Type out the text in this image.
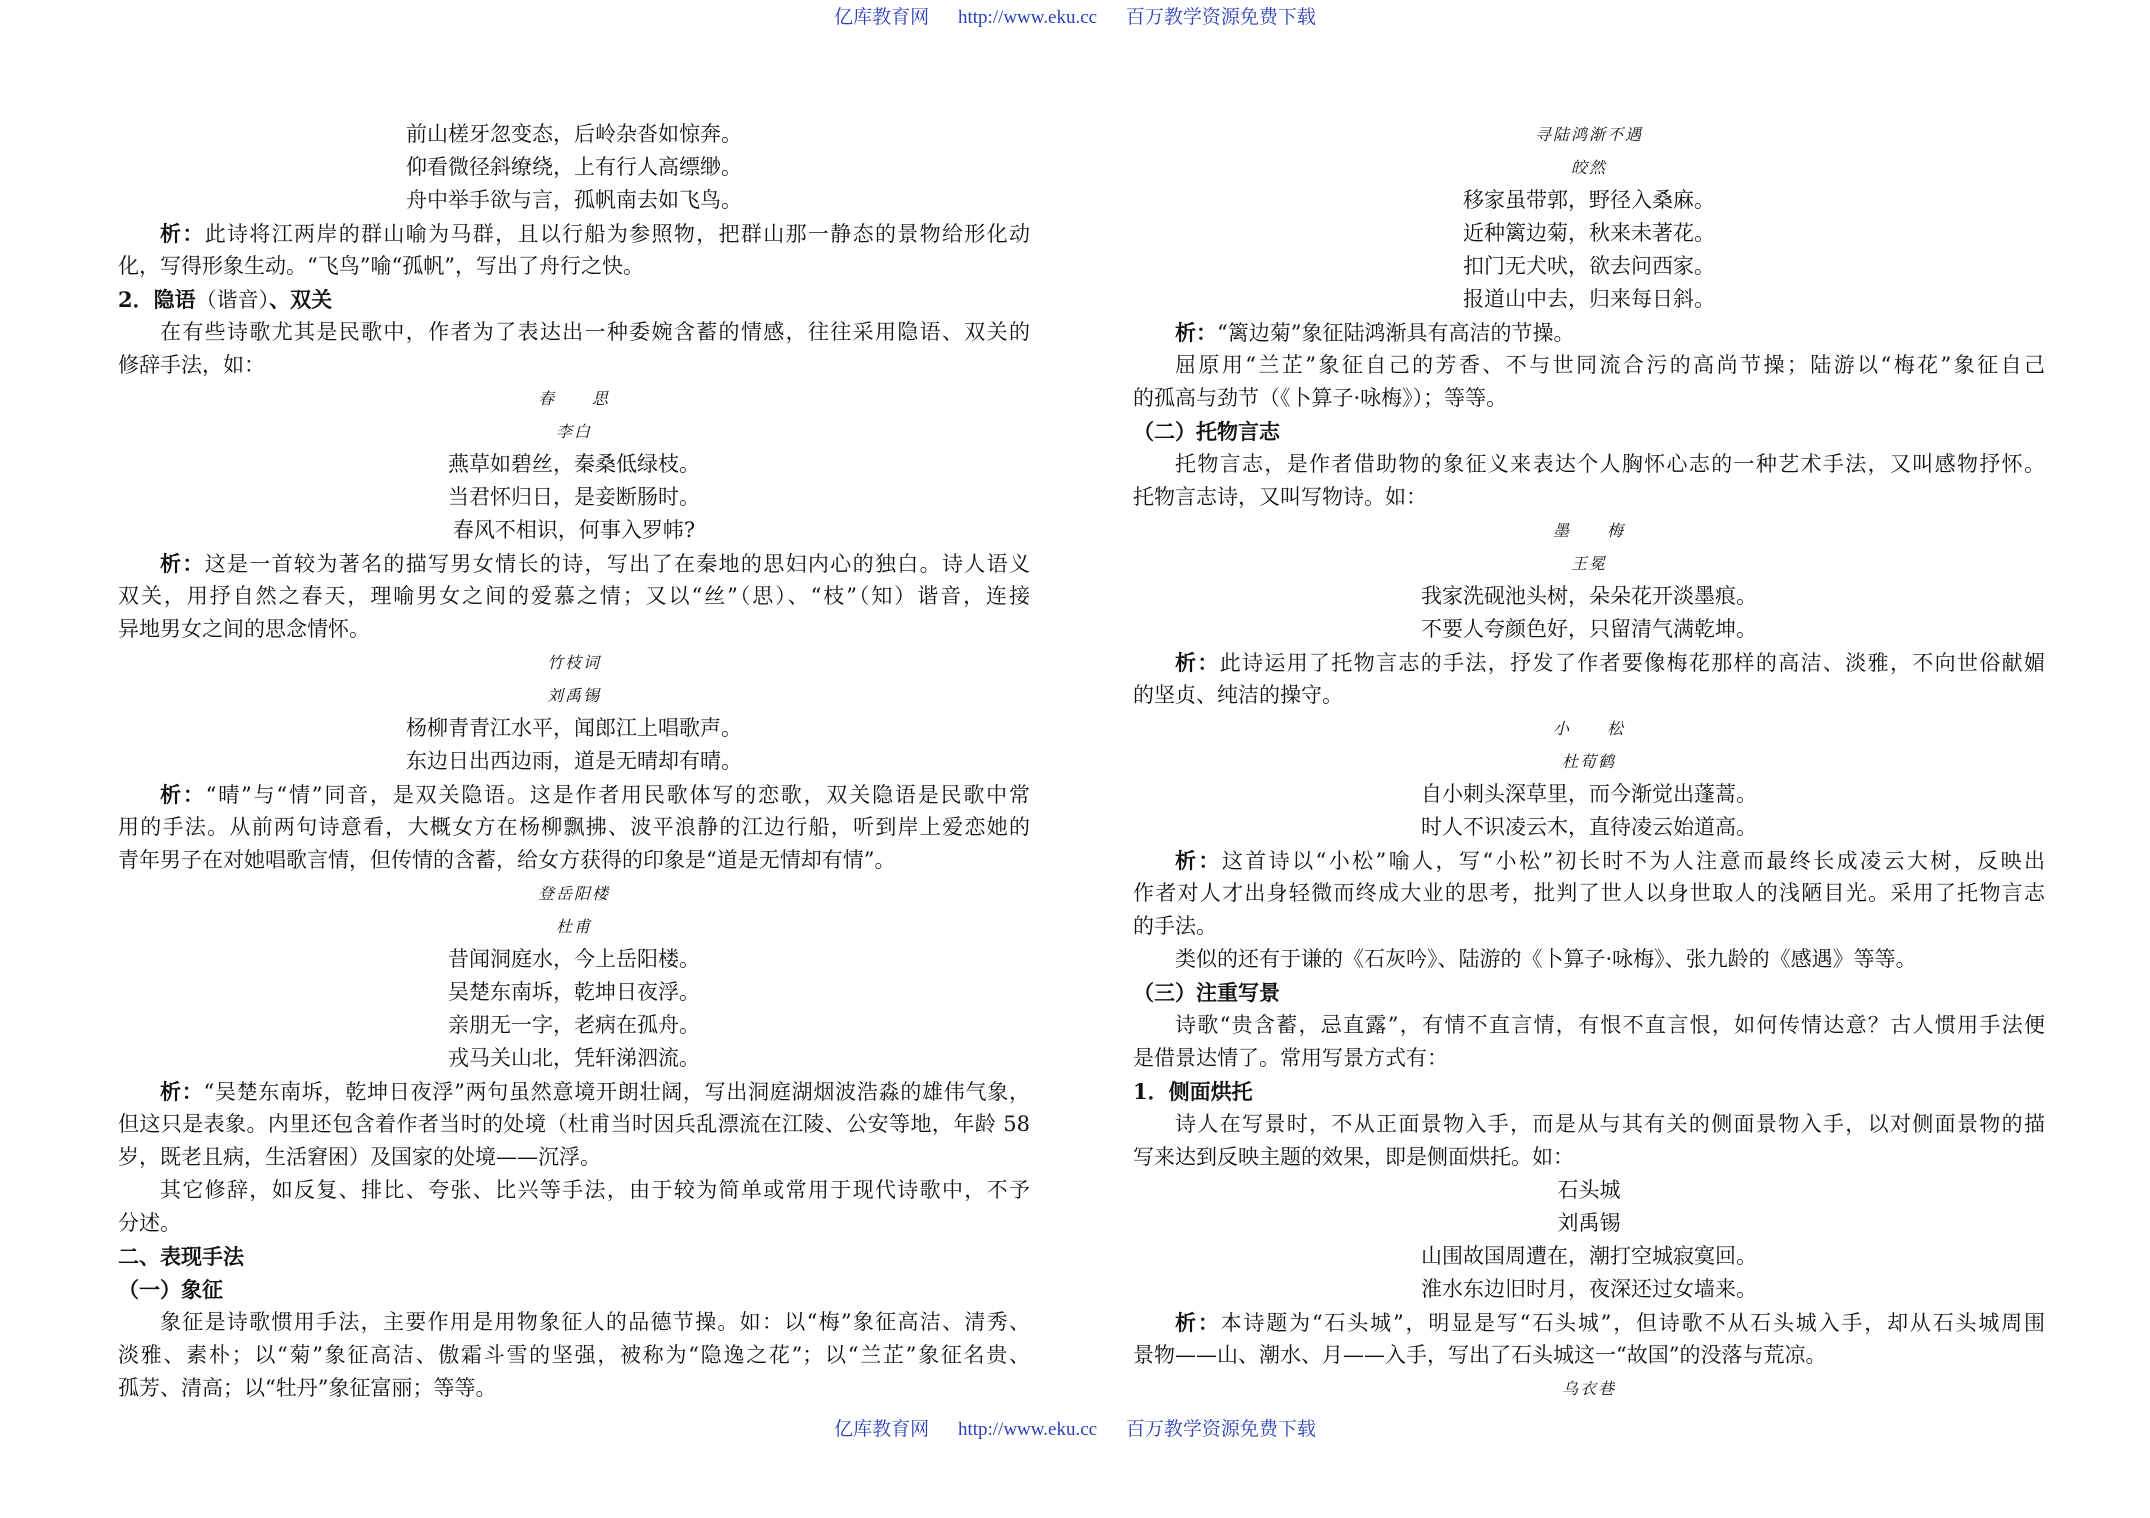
亿库教育网 http://www.eku.cc 百万教学资源免费下载
前山槎牙忽变态，后岭杂沓如惊奔。
仰看微径斜缭绕，上有行人高缥缈。
舟中举手欲与言，孤帆南去如飞鸟。
析：此诗将江两岸的群山喻为马群，且以行船为参照物，把群山那一静态的景物给形化动
化，写得形象生动。“飞鸟”喻“孤帆”，写出了舟行之快。
2．隐语（谐音）、双关
在有些诗歌尤其是民歌中，作者为了表达出一种委婉含蓄的情感，往往采用隐语、双关的
修辞手法，如：
春　　思
李白
燕草如碧丝，秦桑低绿枝。
当君怀归日，是妾断肠时。
春风不相识，何事入罗帏?
析：这是一首较为著名的描写男女情长的诗，写出了在秦地的思妇内心的独白。诗人语义
双关，用抒自然之春天，理喻男女之间的爱慕之情；又以“丝”（思）、“枝”（知）谐音，连接
异地男女之间的思念情怀。
竹枝词
刘禹锡
杨柳青青江水平，闻郎江上唱歌声。
东边日出西边雨，道是无晴却有晴。
析：“晴”与“情”同音，是双关隐语。这是作者用民歌体写的恋歌，双关隐语是民歌中常
用的手法。从前两句诗意看，大概女方在杨柳飘拂、波平浪静的江边行船，听到岸上爱恋她的
青年男子在对她唱歌言情，但传情的含蓄，给女方获得的印象是“道是无情却有情”。
登岳阳楼
杜甫
昔闻洞庭水，今上岳阳楼。
吴楚东南坼，乾坤日夜浮。
亲朋无一字，老病在孤舟。
戎马关山北，凭轩涕泗流。
析：“吴楚东南坼，乾坤日夜浮”两句虽然意境开朗壮阔，写出洞庭湖烟波浩淼的雄伟气象，
但这只是表象。内里还包含着作者当时的处境（杜甫当时因兵乱漂流在江陵、公安等地，年龄 58
岁，既老且病，生活窘困）及国家的处境——沉浮。
其它修辞，如反复、排比、夸张、比兴等手法，由于较为简单或常用于现代诗歌中，不予
分述。
二、表现手法
（一）象征
象征是诗歌惯用手法，主要作用是用物象征人的品德节操。如：以“梅”象征高洁、清秀、
淡雅、素朴；以“菊”象征高洁、傲霜斗雪的坚强，被称为“隐逸之花”；以“兰芷”象征名贵、
孤芳、清高；以“牡丹”象征富丽；等等。
寻陆鸿渐不遇
皎然
移家虽带郭，野径入桑麻。
近种篱边菊，秋来未著花。
扣门无犬吠，欲去问西家。
报道山中去，归来每日斜。
析：“篱边菊”象征陆鸿渐具有高洁的节操。
屈原用“兰芷”象征自己的芳香、不与世同流合污的高尚节操；陆游以“梅花”象征自己
的孤高与劲节（《卜算子·咏梅》）；等等。
（二）托物言志
托物言志，是作者借助物的象征义来表达个人胸怀心志的一种艺术手法，又叫感物抒怀。
托物言志诗，又叫写物诗。如：
墨　　梅
王冕
我家洗砚池头树，朵朵花开淡墨痕。
不要人夸颜色好，只留清气满乾坤。
析：此诗运用了托物言志的手法，抒发了作者要像梅花那样的高洁、淡雅，不向世俗献媚
的坚贞、纯洁的操守。
小　　松
杜荀鹤
自小刺头深草里，而今渐觉出蓬蒿。
时人不识凌云木，直待凌云始道高。
析：这首诗以“小松”喻人，写“小松”初长时不为人注意而最终长成凌云大树，反映出
作者对人才出身轻微而终成大业的思考，批判了世人以身世取人的浅陋目光。采用了托物言志
的手法。
类似的还有于谦的《石灰吟》、陆游的《卜算子·咏梅》、张九龄的《感遇》等等。
（三）注重写景
诗歌“贵含蓄，忌直露”，有情不直言情，有恨不直言恨，如何传情达意？古人惯用手法便
是借景达情了。常用写景方式有：
1．侧面烘托
诗人在写景时，不从正面景物入手，而是从与其有关的侧面景物入手，以对侧面景物的描
写来达到反映主题的效果，即是侧面烘托。如：
石头城
刘禹锡
山围故国周遭在，潮打空城寂寞回。
淮水东边旧时月，夜深还过女墙来。
析：本诗题为“石头城”，明显是写“石头城”，但诗歌不从石头城入手，却从石头城周围
景物——山、潮水、月——入手，写出了石头城这一“故国”的没落与荒凉。
乌衣巷
亿库教育网 http://www.eku.cc 百万教学资源免费下载
